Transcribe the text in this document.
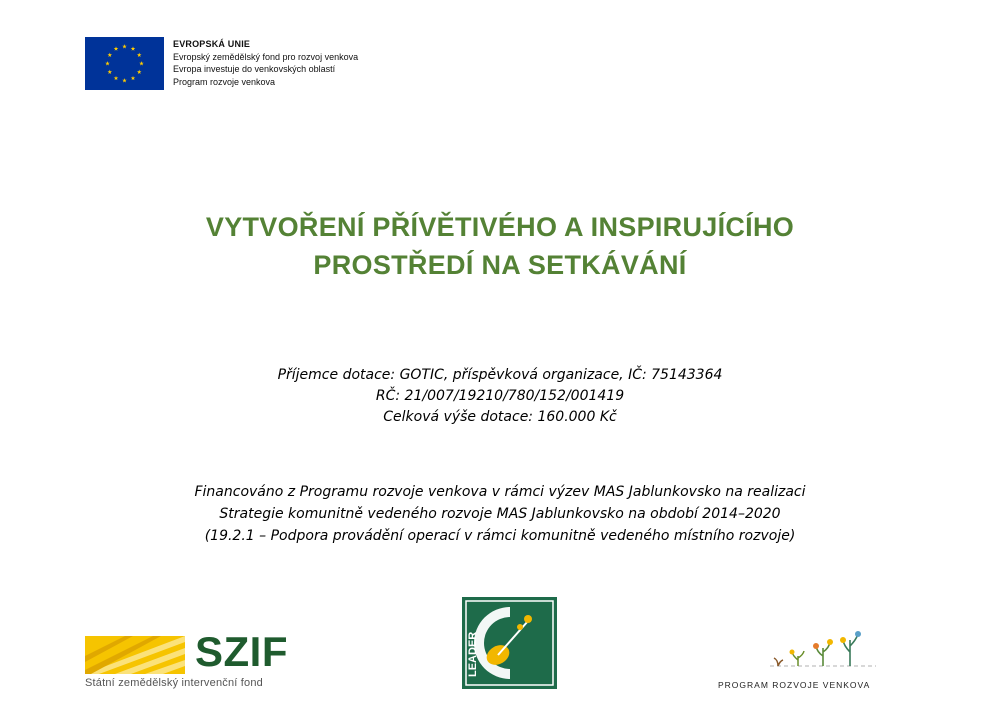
EVROPSKÁ UNIE
Evropský zemědělský fond pro rozvoj venkova
Evropa investuje do venkovských oblastí
Program rozvoje venkova
VYTVOŘENÍ PŘÍVĚTIVÉHO A INSPIRUJÍCÍHO
PROSTŘEDÍ NA SETKÁVÁNÍ
Příjemce dotace: GOTIC, příspěvková organizace, IČ: 75143364
RČ: 21/007/19210/780/152/001419
Celková výše dotace: 160.000 Kč
Financováno z Programu rozvoje venkova v rámci výzev MAS Jablunkovsko na realizaci
Strategie komunitně vedeného rozvoje MAS Jablunkovsko na období 2014–2020
(19.2.1 – Podpora provádění operací v rámci komunitně vedeného místního rozvoje)
SZIF
Státní zemědělský intervenční fond
LEADER
PROGRAM ROZVOJE VENKOVA
